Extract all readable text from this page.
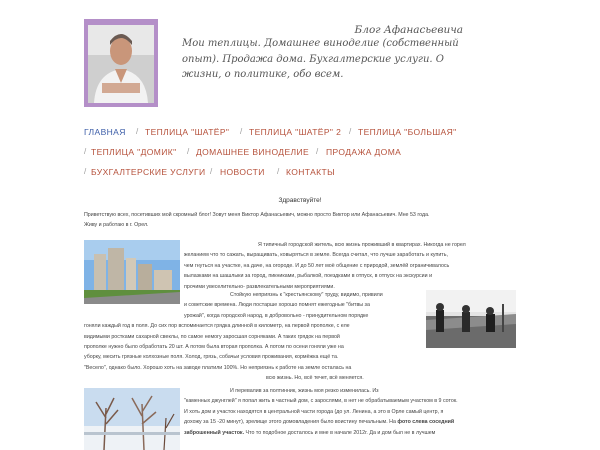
Блог Афанасьевича
Мои теплицы. Домашнее виноделие (собственный опыт). Продажа дома. Бухгалтерские услуги. О жизни, о политике, обо всем.
ГЛАВНАЯ / ТЕПЛИЦА "ШАТЁР" / ТЕПЛИЦА "ШАТЁР" 2 / ТЕПЛИЦА "БОЛЬШАЯ"
/ ТЕПЛИЦА "ДОМИК" / ДОМАШНЕЕ ВИНОДЕЛИЕ / ПРОДАЖА ДОМА
/ БУХГАЛТЕРСКИЕ УСЛУГИ / НОВОСТИ / КОНТАКТЫ
Здравствуйте!
Приветствую всех, посетивших мой скромный блог! Зовут меня Виктор Афанасьевич, можно просто Виктор или Афанасьевич. Мне 53 года.
Живу и работаю в г. Орел.
Я типичный городской житель, всю жизнь проживший в квартирах. Никогда не горел
желанием что то сажать, выращивать, ковыряться в земле. Всегда считал, что лучше заработать и купить,
чем гнуться на участке, на даче, на огороде. И до 50 лет моё общение с природой, землёй ограничивалось
вылазками на шашлыки за город, пикниками, рыбалкой, поездками в отпуск, в отпуск на экскурсии и
прочими увеселительно- развлекательными мероприятиями.
Стойкую неприязнь к "крестьянскому" труду, видимо, привили
и советские времена. Люди постарше хорошо помнят ежегодные "битвы за
урожай", когда городской народ, в добровольно - принудительном порядке
гоняли каждый год в поля. До сих пор вспоминается грядка длинной в километр, на первой прополке, с еле
видимыми ростками сахарной свеклы, по самое немогу заросшая сорняками. А таких грядок на первой
прополке нужно было обработать 20 шт. А потом была вторая прополка. А потом по осени гоняли уже на
уборку, месить грязные колхозные поля. Холод, грязь, собачьи условия проживания, кормёжка ещё та.
"Весело", однако было. Хорошо хоть на заводе платили 100%. Но неприязнь к работе на земле осталась на
всю жизнь. Но, всё течет, всё меняется.
И перевалив за полтинник, жизнь моя резко изменилась. Из
"каменных джунглей" я попал жить в частный дом, с зарослями, в нет не обрабатываемым участком в 9 соток.
И хоть дом и участок находятся в центральной части города (до ул. Ленина, а это в Орле самый центр, я
дохожу за 15 -20 минут), зрелище этого домовладения было воистину печальным. На фото слева соседний
заброшенный участок. Что то подобное досталось и мне в начале 2012г. Да и дом был не в лучшем
